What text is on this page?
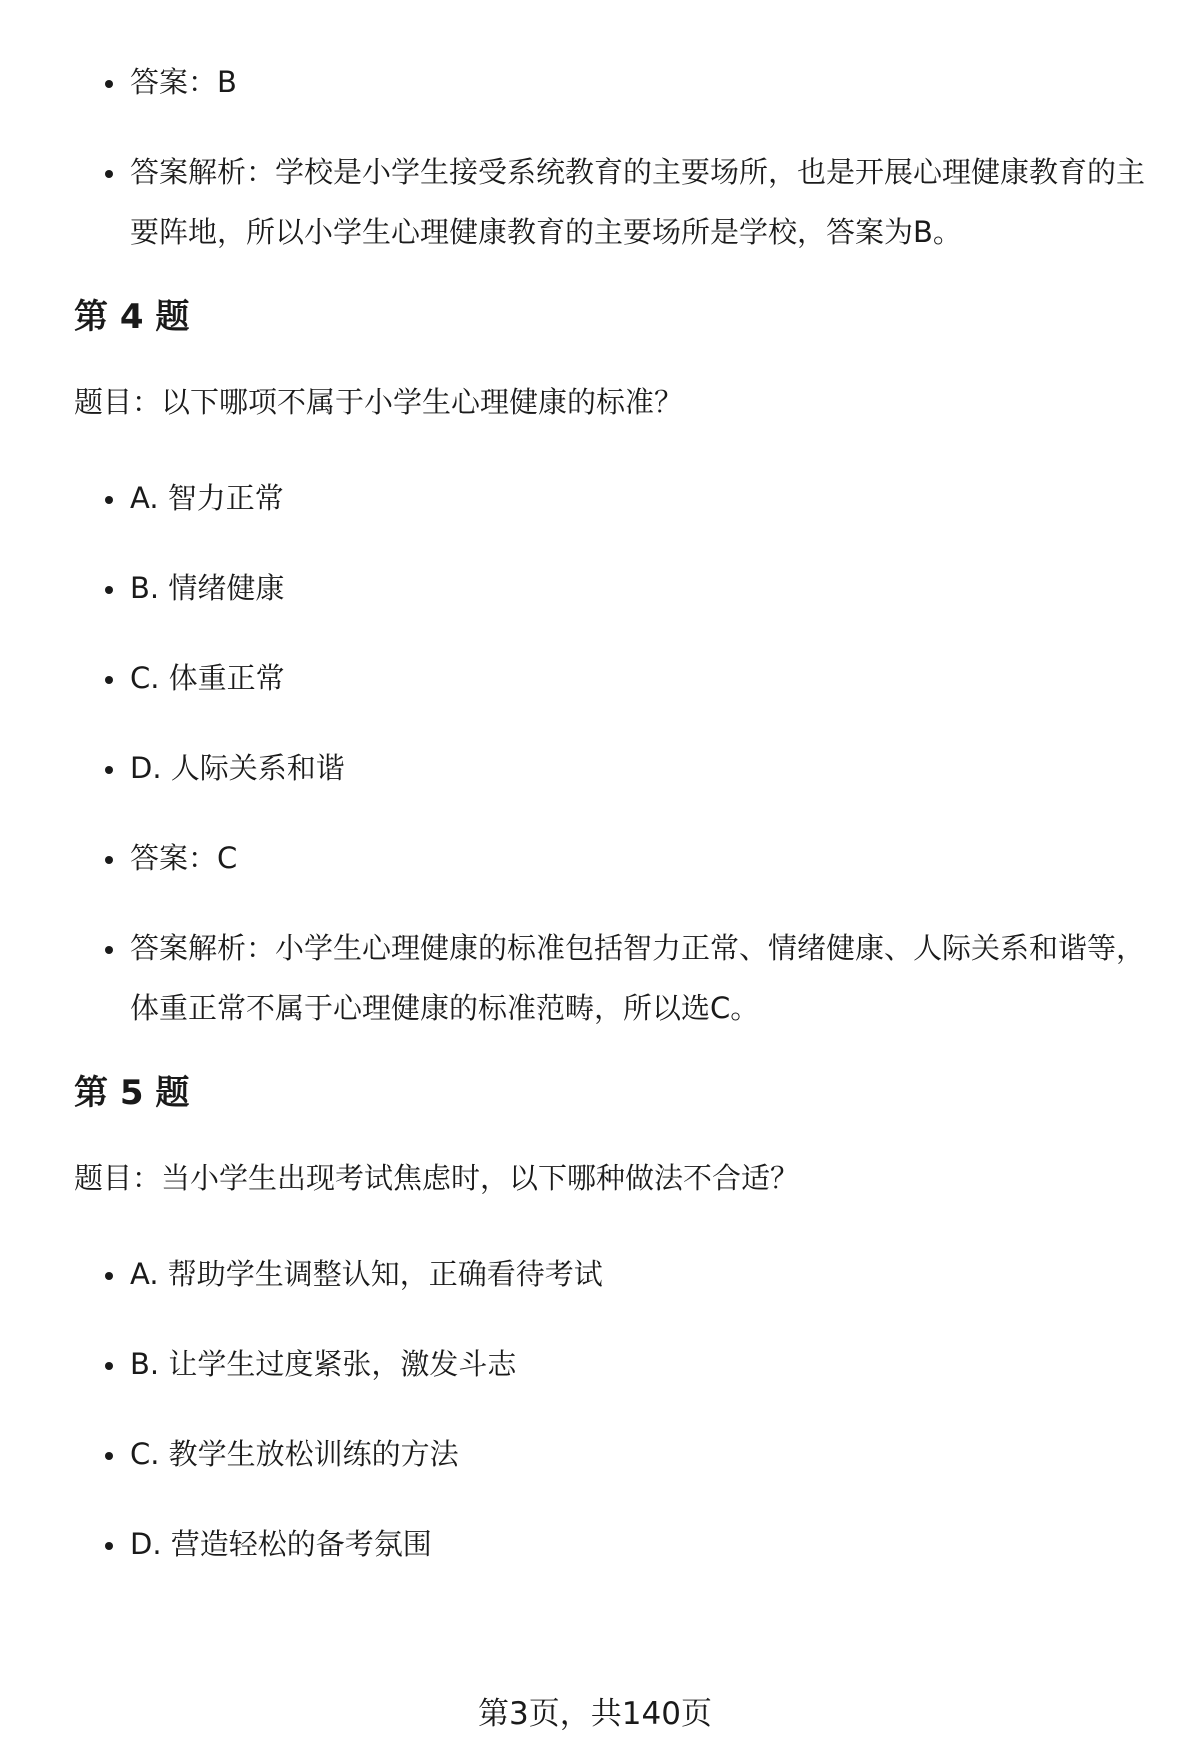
答案：B
答案解析：学校是小学生接受系统教育的主要场所，也是开展心理健康教育的主要阵地，所以小学生心理健康教育的主要场所是学校，答案为B。
第 4 题
题目：以下哪项不属于小学生心理健康的标准？
A. 智力正常
B. 情绪健康
C. 体重正常
D. 人际关系和谐
答案：C
答案解析：小学生心理健康的标准包括智力正常、情绪健康、人际关系和谐等，体重正常不属于心理健康的标准范畴，所以选C。
第 5 题
题目：当小学生出现考试焦虑时，以下哪种做法不合适？
A. 帮助学生调整认知，正确看待考试
B. 让学生过度紧张，激发斗志
C. 教学生放松训练的方法
D. 营造轻松的备考氛围
第3页，共140页
